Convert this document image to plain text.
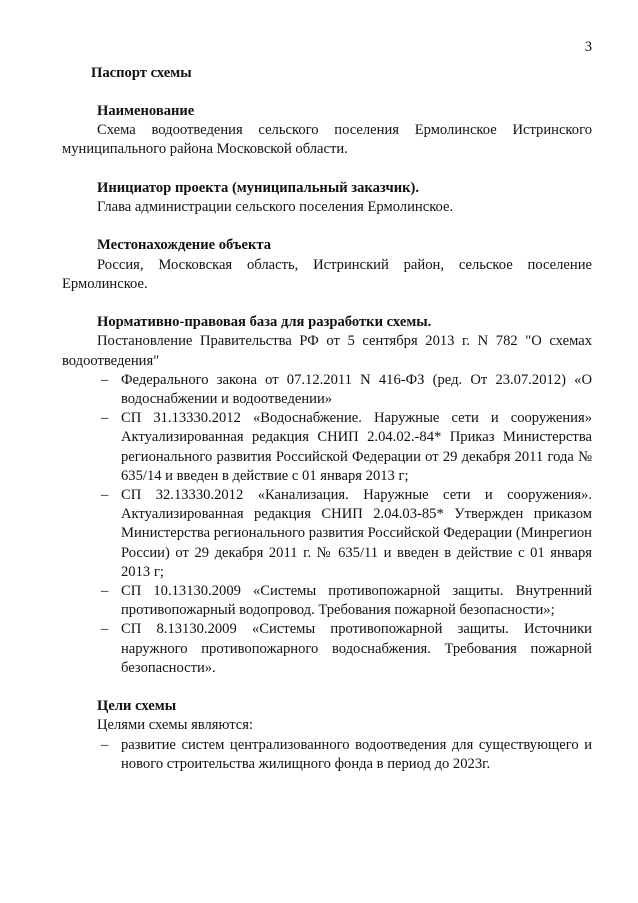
3
Паспорт схемы
Наименование
Схема водоотведения сельского поселения Ермолинское Истринского муниципального района Московской области.
Инициатор проекта (муниципальный заказчик).
Глава администрации сельского поселения Ермолинское.
Местонахождение объекта
Россия, Московская область, Истринский район, сельское поселение Ермолинское.
Нормативно-правовая база для разработки схемы.
Постановление Правительства РФ от 5 сентября 2013 г. N 782 "О схемах водоотведения"
– Федерального закона от 07.12.2011 N 416-ФЗ (ред. От 23.07.2012) «О водоснабжении и водоотведении»
– СП 31.13330.2012 «Водоснабжение. Наружные сети и сооружения» Актуализированная редакция СНИП 2.04.02.-84* Приказ Министерства регионального развития Российской Федерации от 29 декабря 2011 года № 635/14 и введен в действие с 01 января 2013 г;
– СП 32.13330.2012 «Канализация. Наружные сети и сооружения». Актуализированная редакция СНИП 2.04.03-85* Утвержден приказом Министерства регионального развития Российской Федерации (Минрегион России) от 29 декабря 2011 г. № 635/11 и введен в действие с 01 января 2013 г;
– СП 10.13130.2009 «Системы противопожарной защиты. Внутренний противопожарный водопровод. Требования пожарной безопасности»;
– СП 8.13130.2009 «Системы противопожарной защиты. Источники наружного противопожарного водоснабжения. Требования пожарной безопасности».
Цели схемы
Целями схемы являются:
– развитие систем централизованного водоотведения для существующего и нового строительства жилищного фонда в период до 2023г.
